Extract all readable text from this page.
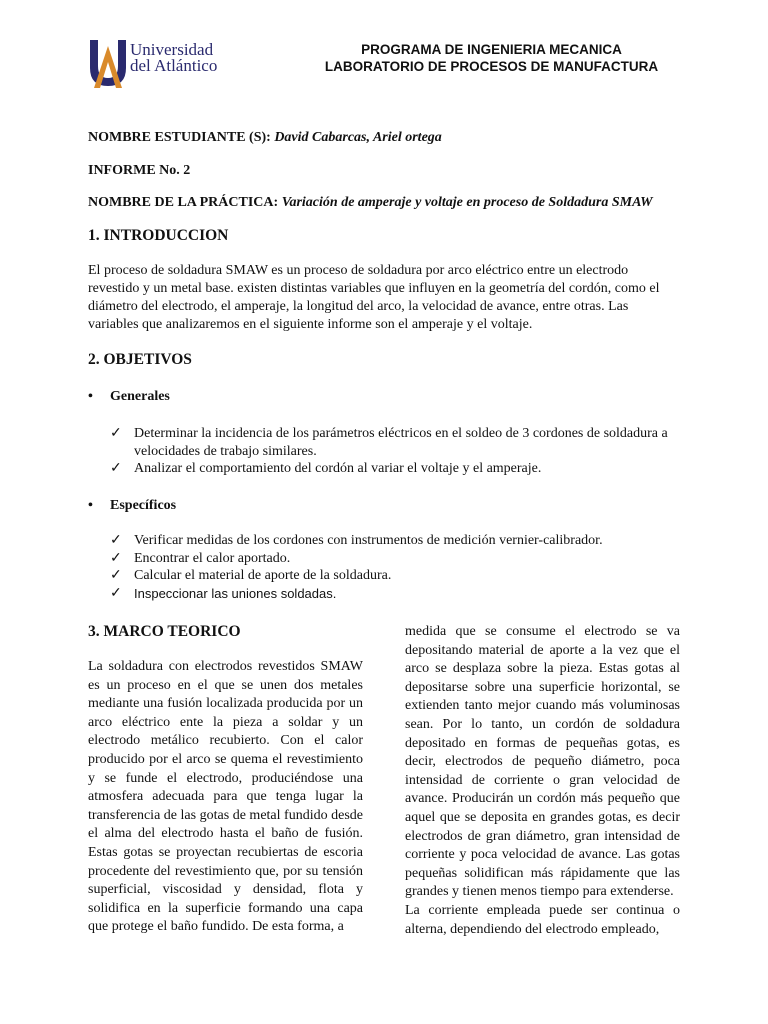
Universidad
del Atlántico
PROGRAMA DE INGENIERIA MECANICA
LABORATORIO DE PROCESOS DE MANUFACTURA
NOMBRE ESTUDIANTE (S): David Cabarcas, Ariel ortega
INFORME No. 2
NOMBRE DE LA PRÁCTICA: Variación de amperaje y voltaje en proceso de Soldadura SMAW
1. INTRODUCCION
El proceso de soldadura SMAW es un proceso de soldadura por arco eléctrico entre un electrodo revestido y un metal base. existen distintas variables que influyen en la geometría del cordón, como el diámetro del electrodo, el amperaje, la longitud del arco, la velocidad de avance, entre otras. Las variables que analizaremos en el siguiente informe son el amperaje y el voltaje.
2. OBJETIVOS
• Generales
✓ Determinar la incidencia de los parámetros eléctricos en el soldeo de 3 cordones de soldadura a velocidades de trabajo similares.
✓ Analizar el comportamiento del cordón al variar el voltaje y el amperaje.
• Específicos
✓ Verificar medidas de los cordones con instrumentos de medición vernier-calibrador.
✓ Encontrar el calor aportado.
✓ Calcular el material de aporte de la soldadura.
✓ Inspeccionar las uniones soldadas.
3. MARCO TEORICO

La soldadura con electrodos revestidos SMAW es un proceso en el que se unen dos metales mediante una fusión localizada producida por un arco eléctrico ente la pieza a soldar y un electrodo metálico recubierto. Con el calor producido por el arco se quema el revestimiento y se funde el electrodo, produciéndose una atmosfera adecuada para que tenga lugar la transferencia de las gotas de metal fundido desde el alma del electrodo hasta el baño de fusión. Estas gotas se proyectan recubiertas de escoria procedente del revestimiento que, por su tensión superficial, viscosidad y densidad, flota y solidifica en la superficie formando una capa que protege el baño fundido. De esta forma, a

medida que se consume el electrodo se va depositando material de aporte a la vez que el arco se desplaza sobre la pieza. Estas gotas al depositarse sobre una superficie horizontal, se extienden tanto mejor cuando más voluminosas sean. Por lo tanto, un cordón de soldadura depositado en formas de pequeñas gotas, es decir, electrodos de pequeño diámetro, poca intensidad de corriente o gran velocidad de avance. Producirán un cordón más pequeño que aquel que se deposita en grandes gotas, es decir electrodos de gran diámetro, gran intensidad de corriente y poca velocidad de avance. Las gotas pequeñas solidifican más rápidamente que las grandes y tienen menos tiempo para extenderse.

La corriente empleada puede ser continua o alterna, dependiendo del electrodo empleado,
